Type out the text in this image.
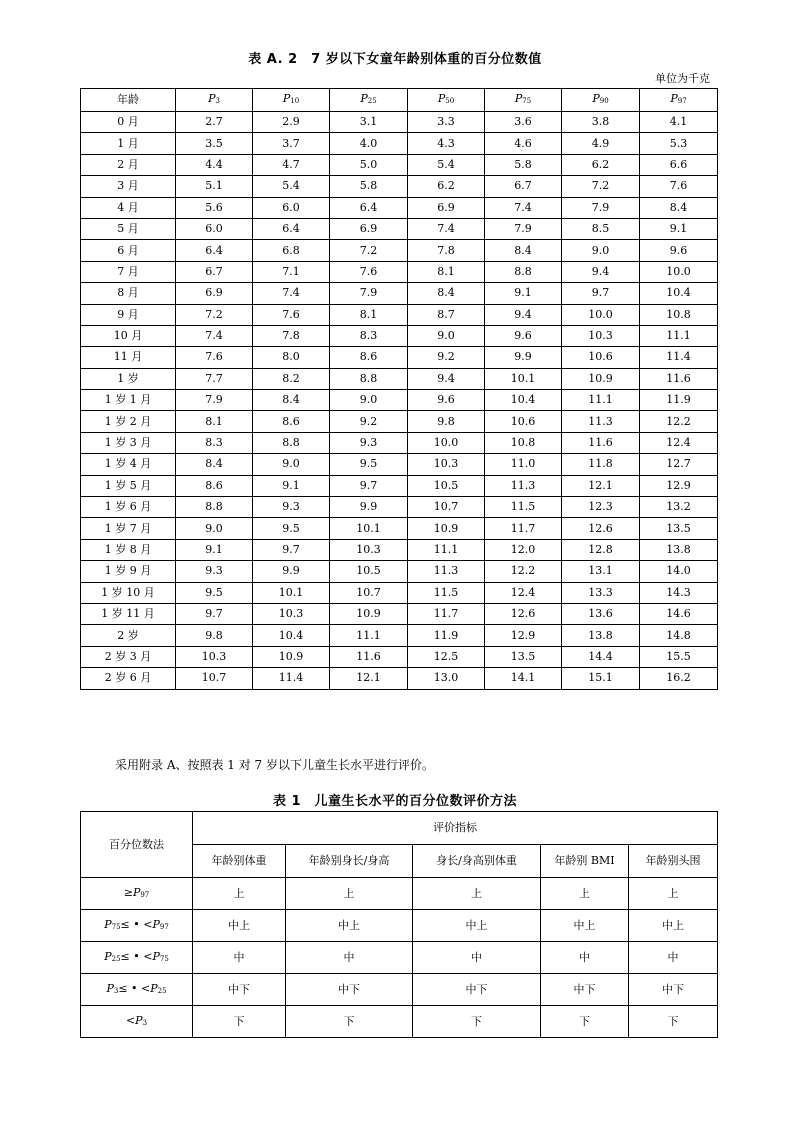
表 A. 2　7 岁以下女童年龄别体重的百分位数值
单位为千克
年龄	$P_3$	$P_{10}$	$P_{25}$	$P_{50}$	$P_{75}$	$P_{90}$	$P_{97}$
0 月	2.7	2.9	3.1	3.3	3.6	3.8	4.1
1 月	3.5	3.7	4.0	4.3	4.6	4.9	5.3
2 月	4.4	4.7	5.0	5.4	5.8	6.2	6.6
3 月	5.1	5.4	5.8	6.2	6.7	7.2	7.6
4 月	5.6	6.0	6.4	6.9	7.4	7.9	8.4
5 月	6.0	6.4	6.9	7.4	7.9	8.5	9.1
6 月	6.4	6.8	7.2	7.8	8.4	9.0	9.6
7 月	6.7	7.1	7.6	8.1	8.8	9.4	10.0
8 月	6.9	7.4	7.9	8.4	9.1	9.7	10.4
9 月	7.2	7.6	8.1	8.7	9.4	10.0	10.8
10 月	7.4	7.8	8.3	9.0	9.6	10.3	11.1
11 月	7.6	8.0	8.6	9.2	9.9	10.6	11.4
1 岁	7.7	8.2	8.8	9.4	10.1	10.9	11.6
1 岁 1 月	7.9	8.4	9.0	9.6	10.4	11.1	11.9
1 岁 2 月	8.1	8.6	9.2	9.8	10.6	11.3	12.2
1 岁 3 月	8.3	8.8	9.3	10.0	10.8	11.6	12.4
1 岁 4 月	8.4	9.0	9.5	10.3	11.0	11.8	12.7
1 岁 5 月	8.6	9.1	9.7	10.5	11.3	12.1	12.9
1 岁 6 月	8.8	9.3	9.9	10.7	11.5	12.3	13.2
1 岁 7 月	9.0	9.5	10.1	10.9	11.7	12.6	13.5
1 岁 8 月	9.1	9.7	10.3	11.1	12.0	12.8	13.8
1 岁 9 月	9.3	9.9	10.5	11.3	12.2	13.1	14.0
1 岁 10 月	9.5	10.1	10.7	11.5	12.4	13.3	14.3
1 岁 11 月	9.7	10.3	10.9	11.7	12.6	13.6	14.6
2 岁	9.8	10.4	11.1	11.9	12.9	13.8	14.8
2 岁 3 月	10.3	10.9	11.6	12.5	13.5	14.4	15.5
2 岁 6 月	10.7	11.4	12.1	13.0	14.1	15.1	16.2
采用附录 A、按照表 1 对 7 岁以下儿童生长水平进行评价。
表 1　儿童生长水平的百分位数评价方法
百分位数法	评价指标				
	年龄别体重	年龄别身长/身高	身长/身高别体重	年龄别 BMI	年龄别头围
$\ge P_{97}$	上	上	上	上	上
$P_{75}\le$ • $<P_{97}$	中上	中上	中上	中上	中上
$P_{25}\le$ • $<P_{75}$	中	中	中	中	中
$P_3\le$ • $<P_{25}$	中下	中下	中下	中下	中下
$<P_3$	下	下	下	下	下
